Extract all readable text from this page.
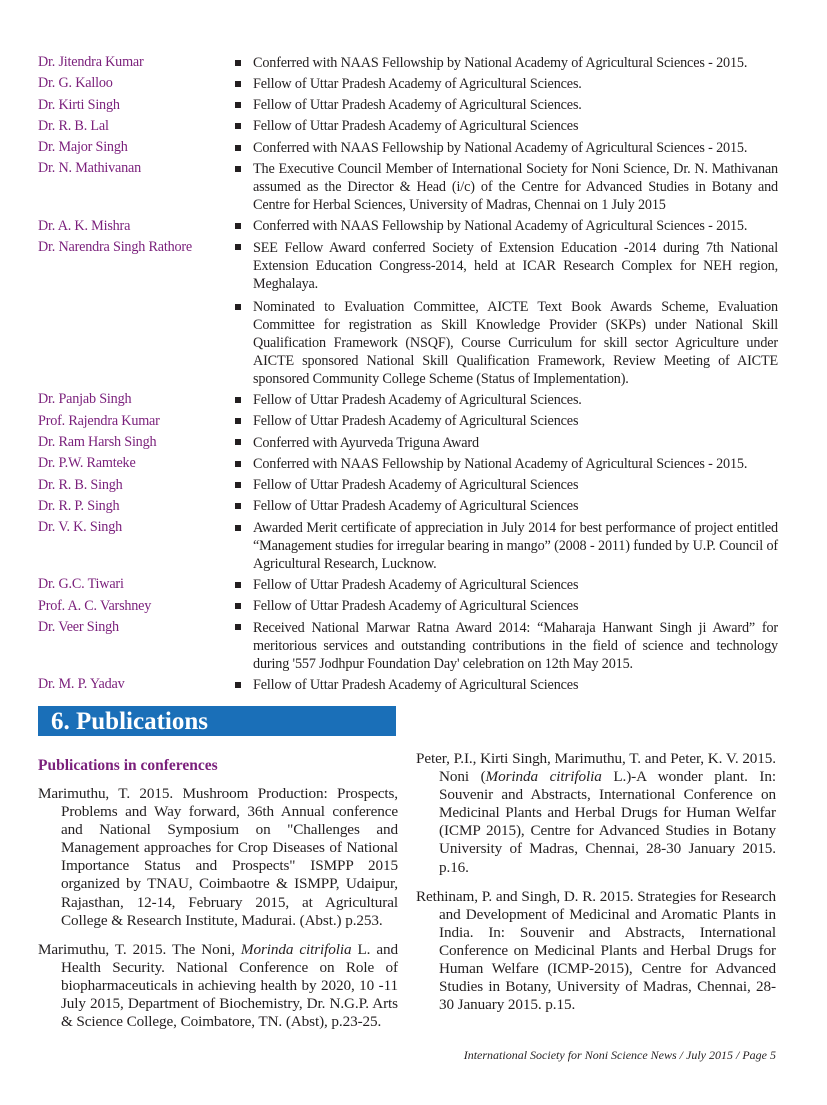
Dr. Jitendra Kumar	Conferred with NAAS Fellowship by National Academy of Agricultural Sciences - 2015.
Dr. G. Kalloo	Fellow of Uttar Pradesh Academy of Agricultural Sciences.
Dr. Kirti Singh	Fellow of Uttar Pradesh Academy of Agricultural Sciences.
Dr. R. B. Lal	Fellow of Uttar Pradesh Academy of Agricultural Sciences
Dr. Major Singh	Conferred with NAAS Fellowship by National Academy of Agricultural Sciences - 2015.
Dr. N. Mathivanan	The Executive Council Member of International Society for Noni Science, Dr. N. Mathivanan assumed as the Director & Head (i/c) of the Centre for Advanced Studies in Botany and Centre for Herbal Sciences, University of Madras, Chennai on 1 July 2015
Dr. A. K. Mishra	Conferred with NAAS Fellowship by National Academy of Agricultural Sciences - 2015.
Dr. Narendra Singh Rathore	SEE Fellow Award conferred Society of Extension Education -2014 during 7th National Extension Education Congress-2014, held at ICAR Research Complex for NEH region, Meghalaya.
Nominated to Evaluation Committee, AICTE Text Book Awards Scheme, Evaluation Committee for registration as Skill Knowledge Provider (SKPs) under National Skill Qualification Framework (NSQF), Course Curriculum for skill sector Agriculture under AICTE sponsored National Skill Qualification Framework, Review Meeting of AICTE sponsored Community College Scheme (Status of Implementation).
Dr. Panjab Singh	Fellow of Uttar Pradesh Academy of Agricultural Sciences.
Prof. Rajendra Kumar	Fellow of Uttar Pradesh Academy of Agricultural Sciences
Dr. Ram Harsh Singh	Conferred with Ayurveda Triguna Award
Dr. P.W. Ramteke	Conferred with NAAS Fellowship by National Academy of Agricultural Sciences - 2015.
Dr. R. B. Singh	Fellow of Uttar Pradesh Academy of Agricultural Sciences
Dr. R. P. Singh	Fellow of Uttar Pradesh Academy of Agricultural Sciences
Dr. V. K. Singh	Awarded Merit certificate of appreciation in July 2014 for best performance of project entitled “Management studies for irregular bearing in mango” (2008 - 2011) funded by U.P. Council of Agricultural Research, Lucknow.
Dr. G.C. Tiwari	Fellow of Uttar Pradesh Academy of Agricultural Sciences
Prof. A. C. Varshney	Fellow of Uttar Pradesh Academy of Agricultural Sciences
Dr. Veer Singh	Received National Marwar Ratna Award 2014: “Maharaja Hanwant Singh ji Award” for meritorious services and outstanding contributions in the field of science and technology during '557 Jodhpur Foundation Day' celebration on 12th May 2015.
Dr. M. P. Yadav	Fellow of Uttar Pradesh Academy of Agricultural Sciences
6. Publications
Publications in conferences
Marimuthu, T. 2015. Mushroom Production: Prospects, Problems and Way forward, 36th Annual conference and National Symposium on "Challenges and Management approaches for Crop Diseases of National Importance Status and Prospects" ISMPP 2015 organized by TNAU, Coimbaotre & ISMPP, Udaipur, Rajasthan, 12-14, February 2015, at Agricultural College & Research Institute, Madurai. (Abst.) p.253.
Marimuthu, T. 2015. The Noni, Morinda citrifolia L. and Health Security. National Conference on Role of biopharmaceuticals in achieving health by 2020, 10 -11 July 2015, Department of Biochemistry, Dr. N.G.P. Arts & Science College, Coimbatore, TN. (Abst), p.23-25.
Peter, P.I., Kirti Singh, Marimuthu, T. and Peter, K. V. 2015. Noni (Morinda citrifolia L.)-A wonder plant. In: Souvenir and Abstracts, International Conference on Medicinal Plants and Herbal Drugs for Human Welfar (ICMP 2015), Centre for Advanced Studies in Botany University of Madras, Chennai, 28-30 January 2015. p.16.
Rethinam, P. and Singh, D. R. 2015. Strategies for Research and Development of Medicinal and Aromatic Plants in India. In: Souvenir and Abstracts, International Conference on Medicinal Plants and Herbal Drugs for Human Welfare (ICMP-2015), Centre for Advanced Studies in Botany, University of Madras, Chennai, 28-30 January 2015. p.15.
International Society for Noni Science News / July 2015 / Page 5
